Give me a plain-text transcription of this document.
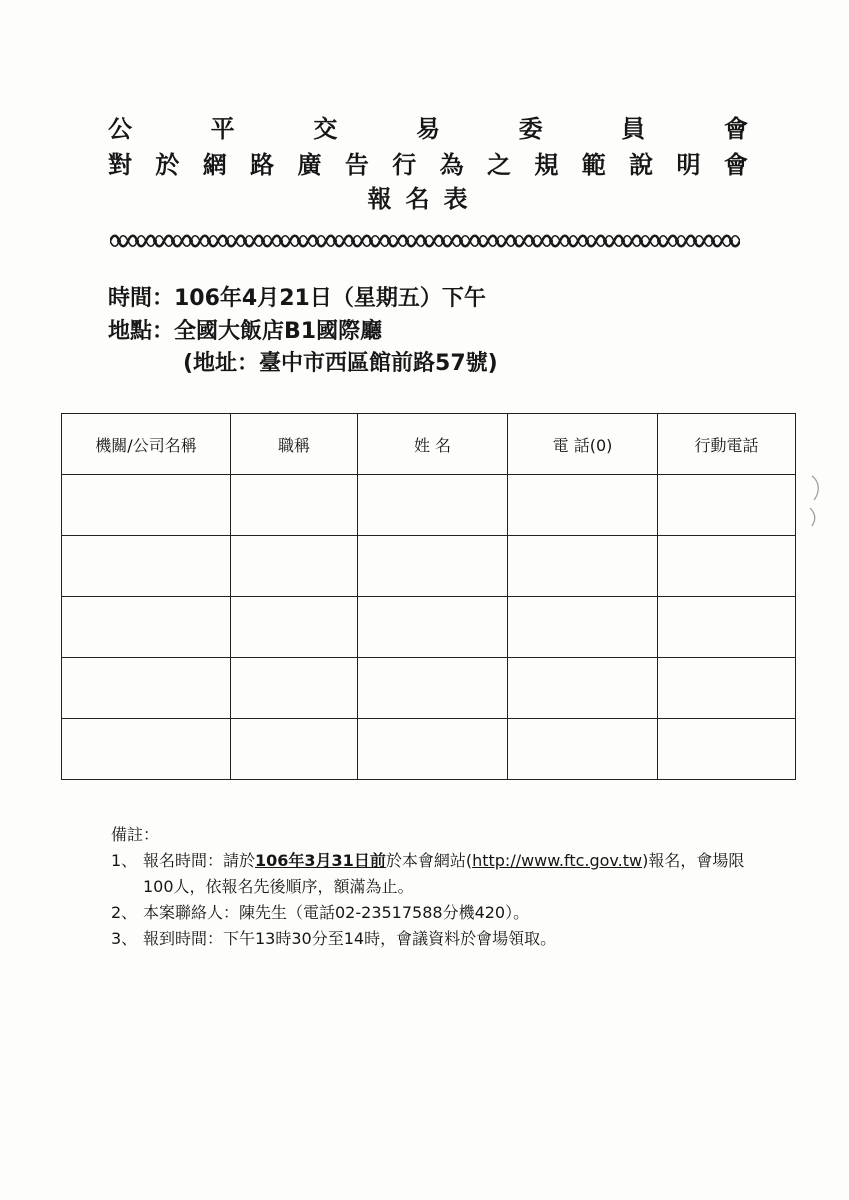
公	平	交	易	委	員	會
對 於 網 路 廣 告 行 為 之 規 範 說 明 會
報名表
時間：106年4月21日（星期五）下午
地點：全國大飯店B1國際廳
(地址：臺中市西區館前路57號)
機關/公司名稱	職稱	姓 名	電 話(0)	行動電話

備註：
1、 報名時間：請於106年3月31日前於本會網站(http://www.ftc.gov.tw)報名，會場限100人，依報名先後順序，額滿為止。
2、 本案聯絡人：陳先生（電話02-23517588分機420）。
3、 報到時間：下午13時30分至14時，會議資料於會場領取。
